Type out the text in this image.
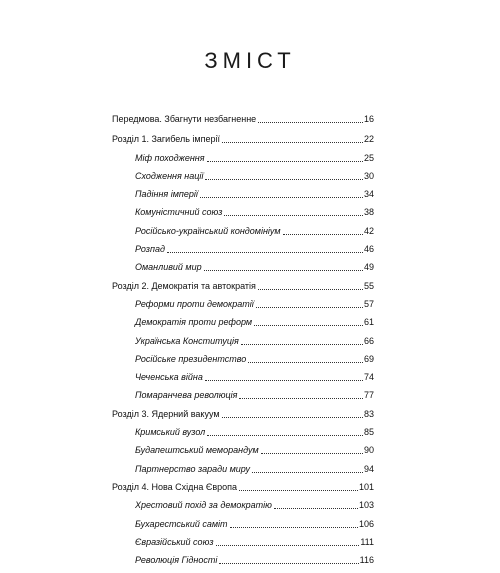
ЗМІСТ
Передмова. Збагнути незбагненне	16
Розділ 1. Загибель імперії	22
Міф походження	25
Сходження нації	30
Падіння імперії	34
Комуністичний союз	38
Російсько-український кондомініум	42
Розпад	46
Оманливий мир	49
Розділ 2. Демократія та автократія	55
Реформи проти демократії	57
Демократія проти реформ	61
Українська Конституція	66
Російське президентство	69
Чеченська війна	74
Помаранчева революція	77
Розділ 3. Ядерний вакуум	83
Кримський вузол	85
Будапештський меморандум	90
Партнерство заради миру	94
Розділ 4. Нова Східна Європа	101
Хрестовий похід за демократію	103
Бухарестський саміт	106
Євразійський союз	111
Революція Гідності	116
